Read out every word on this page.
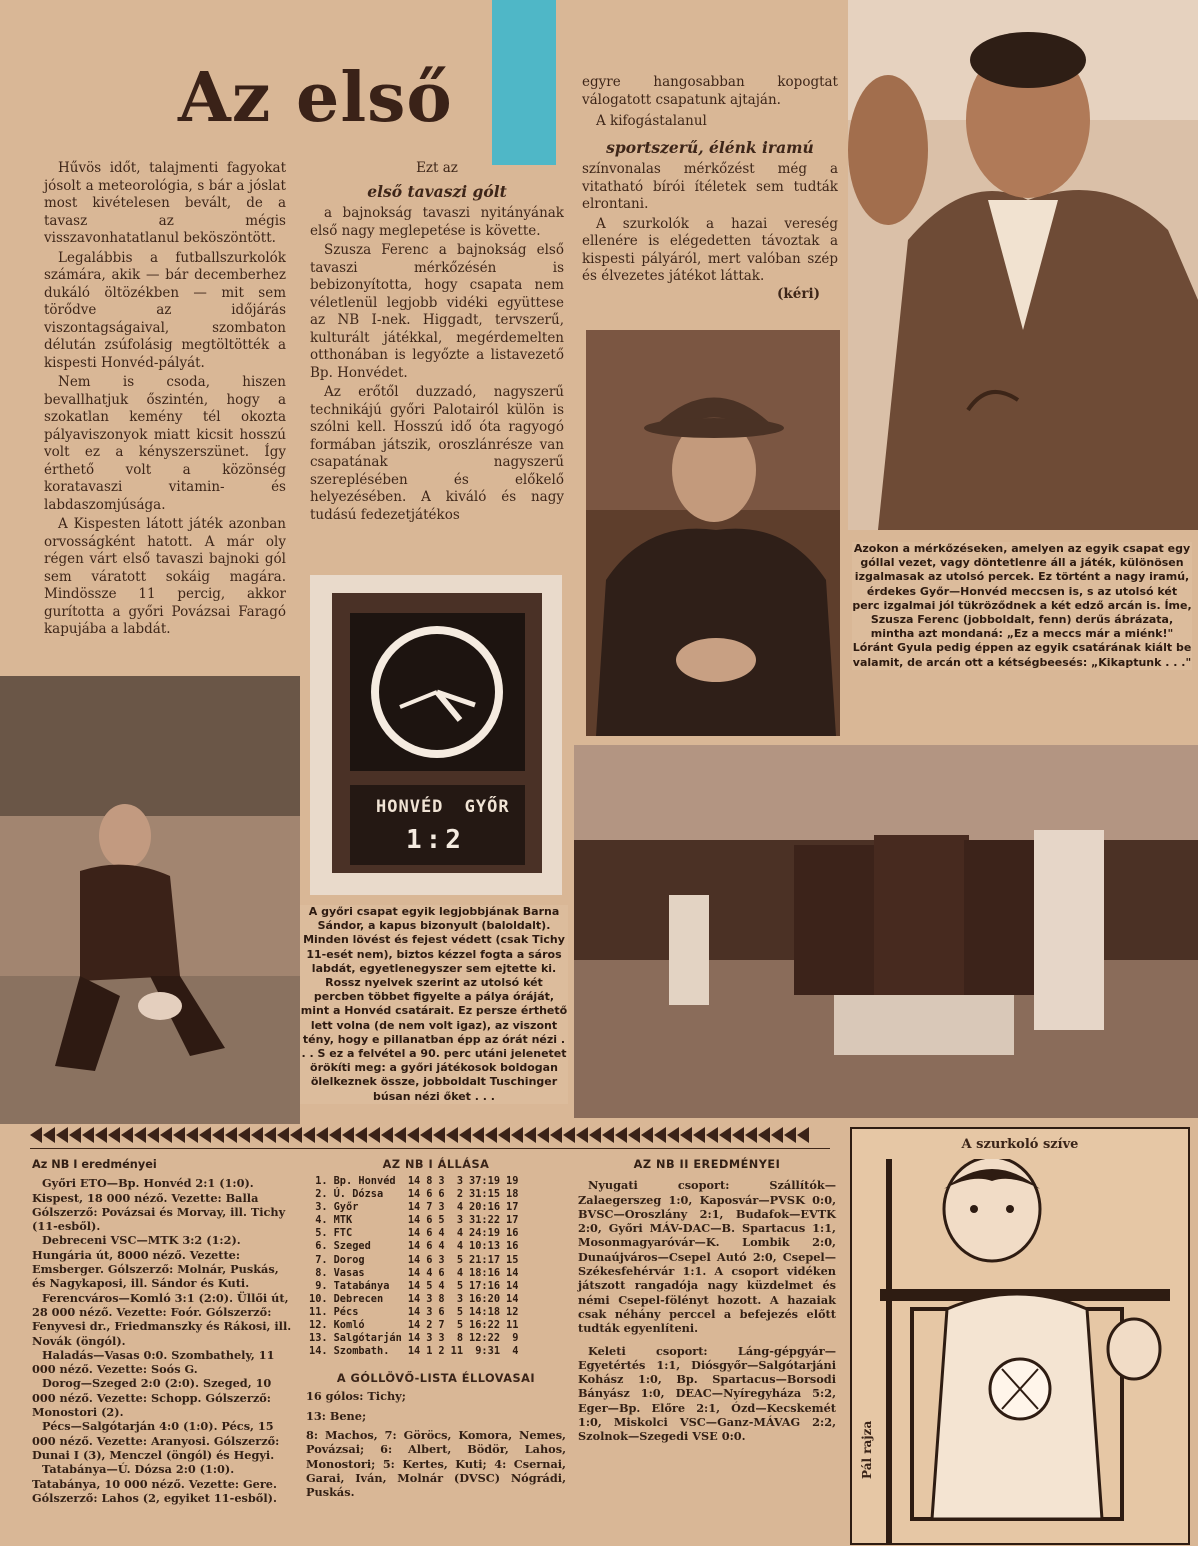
Az első

Hűvös időt, talajmenti fagyokat jósolt a meteorológia, s bár a jóslat most kivételesen bevált, de a tavasz az mégis visszavonhatatlanul beköszöntött.

Legalábbis a futballszurkolók számára, akik — bár decemberhez dukáló öltözékben — mit sem törődve az időjárás viszontagságaival, szombaton délután zsúfolásig megtöltötték a kispesti Honvéd-pályát.

Nem is csoda, hiszen bevallhatjuk őszintén, hogy a szokatlan kemény tél okozta pályaviszonyok miatt kicsit hosszú volt ez a kényszerszünet. Így érthető volt a közönség koratavaszi vitamin- és labdaszomjúsága.

A Kispesten látott játék azonban orvosságként hatott. A már oly régen várt első tavaszi bajnoki gól sem váratott sokáig magára. Mindössze 11 percig, akkor gurította a győri Povázsai Faragó kapujába a labdát.

Ezt az

első tavaszi gólt

a bajnokság tavaszi nyitányának első nagy meglepetése is követte.

Szusza Ferenc a bajnokság első tavaszi mérkőzésén is bebizonyította, hogy csapata nem véletlenül legjobb vidéki együttese az NB I-nek. Higgadt, tervszerű, kulturált játékkal, megérdemelten otthonában is legyőzte a listavezető Bp. Honvédet.

Az erőtől duzzadó, nagyszerű technikájú győri Palotairól külön is szólni kell. Hosszú idő óta ragyogó formában játszik, oroszlánrésze van csapatának nagyszerű szereplésében és előkelő helyezésében. A kiváló és nagy tudású fedezetjátékos

egyre hangosabban kopogtat válogatott csapatunk ajtaján.

A kifogástalanul

sportszerű, élénk iramú

színvonalas mérkőzést még a vitatható bírói ítéletek sem tudták elrontani.

A szurkolók a hazai vereség ellenére is elégedetten távoztak a kispesti pályáról, mert valóban szép és élvezetes játékot láttak.

(kéri)
Azokon a mérkőzéseken, amelyen az egyik csapat egy góllal vezet, vagy döntetlenre áll a játék, különösen izgalmasak az utolsó percek. Ez történt a nagy iramú, érdekes Győr—Honvéd meccsen is, s az utolsó két perc izgalmai jól tükröződnek a két edző arcán is. Íme, Szusza Ferenc (jobboldalt, fenn) derűs ábrázata, mintha azt mondaná: „Ez a meccs már a miénk!" Lóránt Gyula pedig éppen az egyik csatárának kiált be valamit, de arcán ott a kétségbeesés: „Kikaptunk . . ."
HONVÉD GYŐR
1:2
A győri csapat egyik legjobbjának Barna Sándor, a kapus bizonyult (baloldalt). Minden lövést és fejest védett (csak Tichy 11-esét nem), biztos kézzel fogta a sáros labdát, egyetlenegyszer sem ejtette ki. Rossz nyelvek szerint az utolsó két percben többet figyelte a pálya óráját, mint a Honvéd csatárait. Ez persze érthető lett volna (de nem volt igaz), az viszont tény, hogy e pillanatban épp az órát nézi . . . S ez a felvétel a 90. perc utáni jelenetet örökíti meg: a győri játékosok boldogan ölelkeznek össze, jobboldalt Tuschinger búsan nézi őket . . .
Az NB I eredményei

Győri ETO—Bp. Honvéd 2:1 (1:0). Kispest, 18 000 néző. Vezette: Balla Gólszerző: Povázsai és Morvay, ill. Tichy (11-esből).

Debreceni VSC—MTK 3:2 (1:2). Hungária út, 8000 néző. Vezette: Emsberger. Gólszerző: Molnár, Puskás, és Nagykaposi, ill. Sándor és Kuti.

Ferencváros—Komló 3:1 (2:0). Üllői út, 28 000 néző. Vezette: Foór. Gólszerző: Fenyvesi dr., Friedmanszky és Rákosi, ill. Novák (öngól).

Haladás—Vasas 0:0. Szombathely, 11 000 néző. Vezette: Soós G.

Dorog—Szeged 2:0 (2:0). Szeged, 10 000 néző. Vezette: Schopp. Gólszerző: Monostori (2).

Pécs—Salgótarján 4:0 (1:0). Pécs, 15 000 néző. Vezette: Aranyosi. Gólszerző: Dunai I (3), Menczel (öngól) és Hegyi.

Tatabánya—Ú. Dózsa 2:0 (1:0). Tatabánya, 10 000 néző. Vezette: Gere. Gólszerző: Lahos (2, egyiket 11-esből).

AZ NB I ÁLLÁSA
1.	Bp. Honvéd	14	8	3	3	37:19	19
2.	Ú. Dózsa	14	6	6	2	31:15	18
3.	Győr	14	7	3	4	20:16	17
4.	MTK	14	6	5	3	31:22	17
5.	FTC	14	6	4	4	24:19	16
6.	Szeged	14	6	4	4	10:13	16
7.	Dorog	14	6	3	5	21:17	15
8.	Vasas	14	4	6	4	18:16	14
9.	Tatabánya	14	5	4	5	17:16	14
10.	Debrecen	14	3	8	3	16:20	14
11.	Pécs	14	3	6	5	14:18	12
12.	Komló	14	2	7	5	16:22	11
13.	Salgótarján	14	3	3	8	12:22	9
14.	Szombath.	14	1	2	11	9:31	4
A GÓLLÖVŐ-LISTA ÉLLOVASAI
16 gólos: Tichy;
13: Bene;
8: Machos, 7: Göröcs, Komora, Nemes, Povázsai; 6: Albert, Bödör, Lahos, Monostori; 5: Kertes, Kuti; 4: Csernai, Garai, Iván, Molnár (DVSC) Nógrádi, Puskás.
AZ NB II EREDMÉNYEI

Nyugati csoport: Szállítók—Zalaegerszeg 1:0, Kaposvár—PVSK 0:0, BVSC—Oroszlány 2:1, Budafok—EVTK 2:0, Győri MÁV-DAC—B. Spartacus 1:1, Mosonmagyaróvár—K. Lombik 2:0, Dunaújváros—Csepel Autó 2:0, Csepel—Székesfehérvár 1:1. A csoport vidéken játszott rangadója nagy küzdelmet és némi Csepel-fölényt hozott. A hazaiak csak néhány perccel a befejezés előtt tudták egyenlíteni.

Keleti csoport: Láng-gépgyár—Egyetértés 1:1, Diósgyőr—Salgótarjáni Kohász 1:0, Bp. Spartacus—Borsodi Bányász 1:0, DEAC—Nyíregyháza 5:2, Eger—Bp. Előre 2:1, Ózd—Kecskemét 1:0, Miskolci VSC—Ganz-MÁVAG 2:2, Szolnok—Szegedi VSE 0:0.

A szurkoló szíve
Pál rajza
